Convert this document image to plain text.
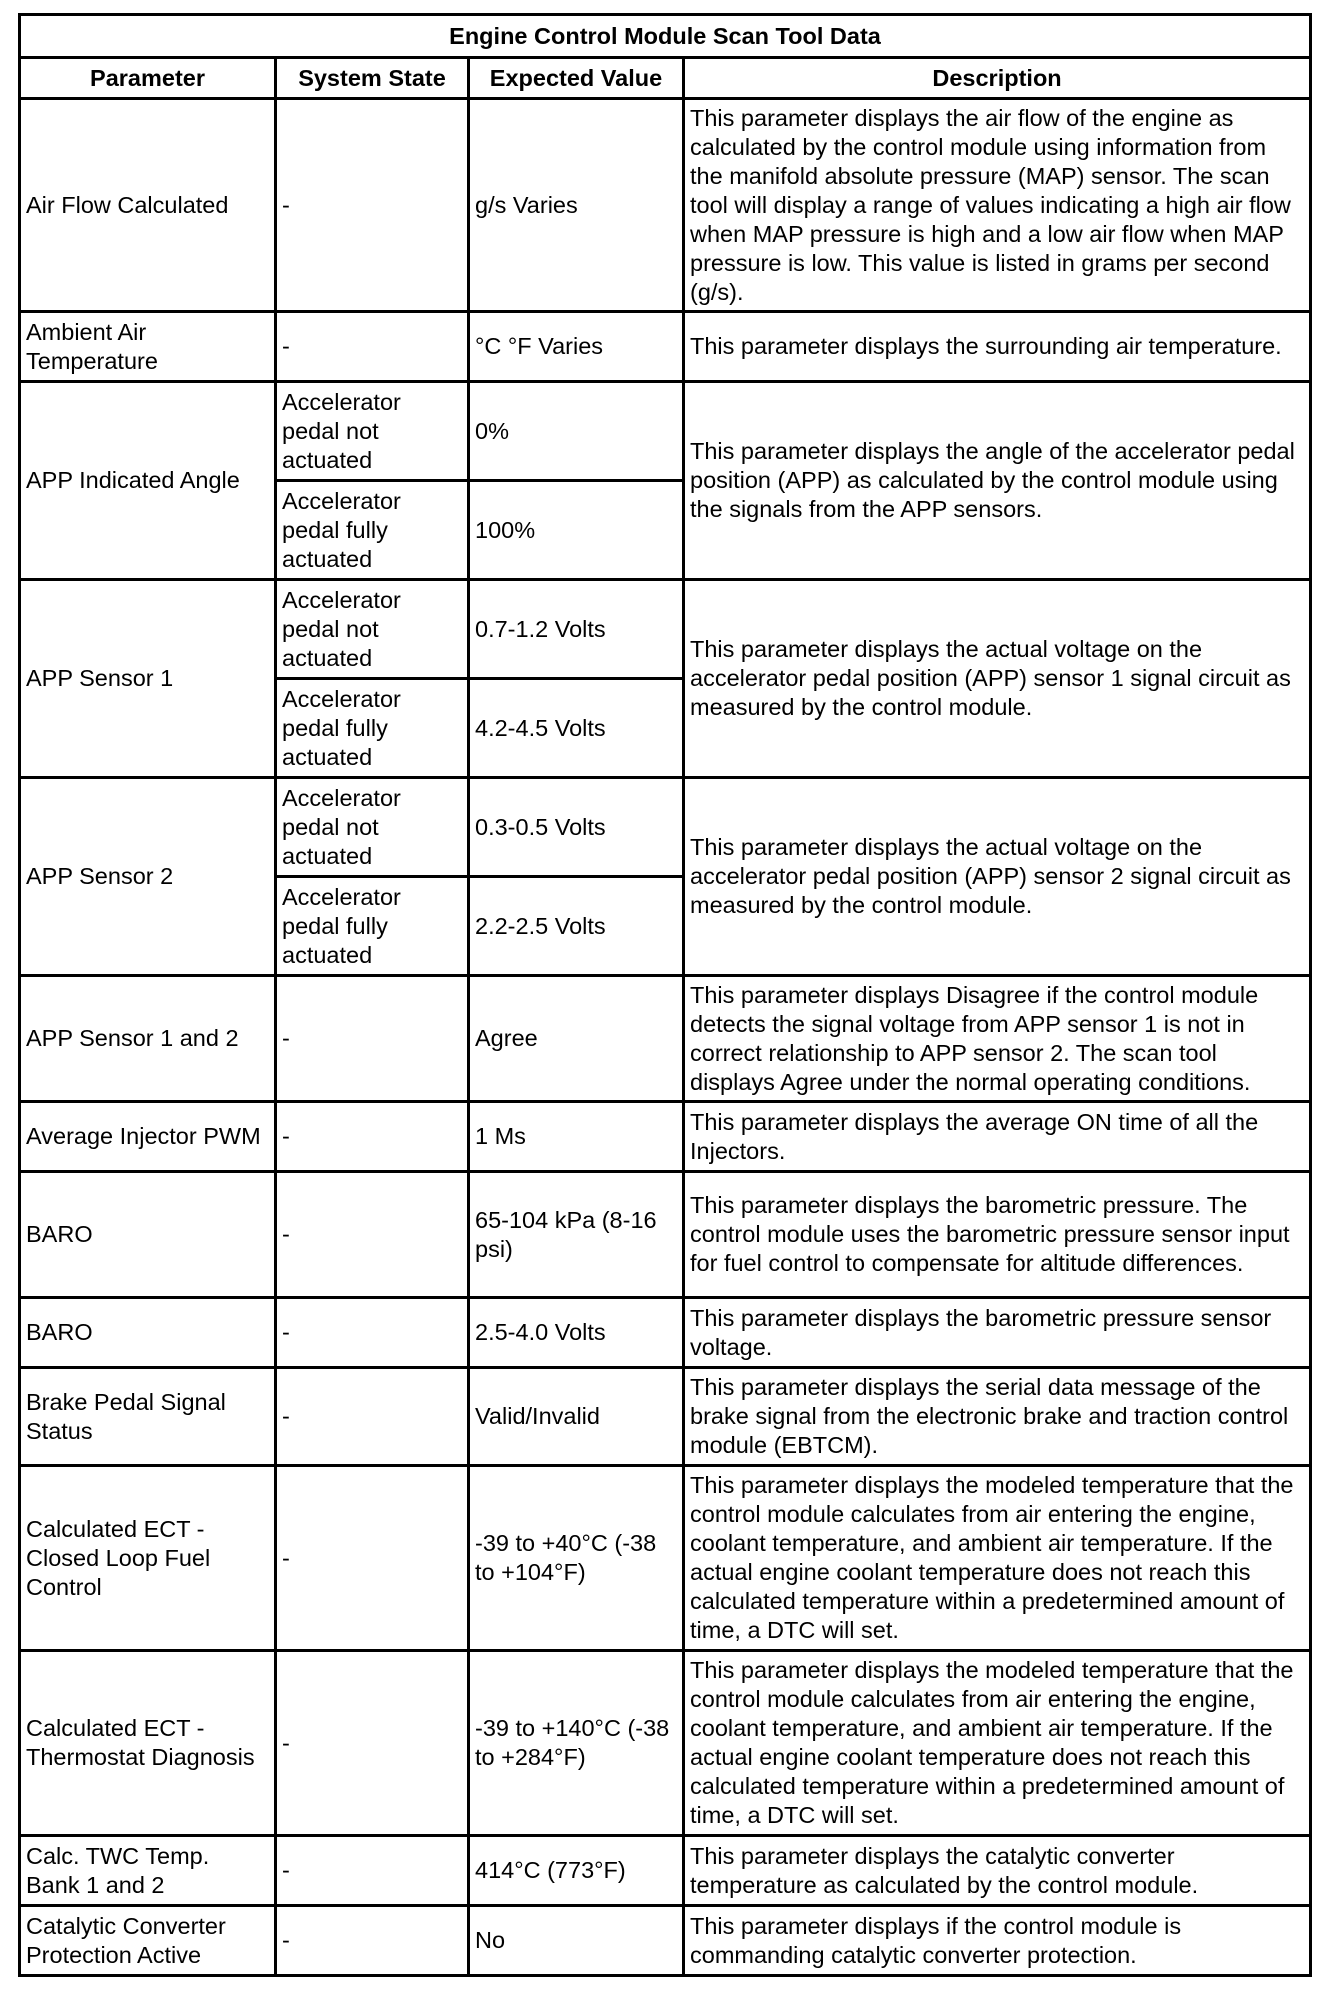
Engine Control Module Scan Tool Data			
Parameter	System State	Expected Value	Description
Air Flow Calculated	-	g/s Varies	This parameter displays the air flow of the engine as calculated by the control module using information from the manifold absolute pressure (MAP) sensor. The scan tool will display a range of values indicating a high air flow when MAP pressure is high and a low air flow when MAP pressure is low. This value is listed in grams per second (g/s).
Ambient Air Temperature	-	°C °F Varies	This parameter displays the surrounding air temperature.
APP Indicated Angle	Accelerator pedal not actuated	0%	This parameter displays the angle of the accelerator pedal position (APP) as calculated by the control module using the signals from the APP sensors.
	Accelerator pedal fully actuated	100%	
APP Sensor 1	Accelerator pedal not actuated	0.7-1.2 Volts	This parameter displays the actual voltage on the accelerator pedal position (APP) sensor 1 signal circuit as measured by the control module.
	Accelerator pedal fully actuated	4.2-4.5 Volts	
APP Sensor 2	Accelerator pedal not actuated	0.3-0.5 Volts	This parameter displays the actual voltage on the accelerator pedal position (APP) sensor 2 signal circuit as measured by the control module.
	Accelerator pedal fully actuated	2.2-2.5 Volts	
APP Sensor 1 and 2	-	Agree	This parameter displays Disagree if the control module detects the signal voltage from APP sensor 1 is not in correct relationship to APP sensor 2. The scan tool displays Agree under the normal operating conditions.
Average Injector PWM	-	1 Ms	This parameter displays the average ON time of all the Injectors.
BARO	-	65-104 kPa (8-16 psi)	This parameter displays the barometric pressure. The control module uses the barometric pressure sensor input for fuel control to compensate for altitude differences.
BARO	-	2.5-4.0 Volts	This parameter displays the barometric pressure sensor voltage.
Brake Pedal Signal Status	-	Valid/Invalid	This parameter displays the serial data message of the brake signal from the electronic brake and traction control module (EBTCM).
Calculated ECT - Closed Loop Fuel Control	-	-39 to +40°C (-38 to +104°F)	This parameter displays the modeled temperature that the control module calculates from air entering the engine, coolant temperature, and ambient air temperature. If the actual engine coolant temperature does not reach this calculated temperature within a predetermined amount of time, a DTC will set.
Calculated ECT - Thermostat Diagnosis	-	-39 to +140°C (-38 to +284°F)	This parameter displays the modeled temperature that the control module calculates from air entering the engine, coolant temperature, and ambient air temperature. If the actual engine coolant temperature does not reach this calculated temperature within a predetermined amount of time, a DTC will set.
Calc. TWC Temp. Bank 1 and 2	-	414°C (773°F)	This parameter displays the catalytic converter temperature as calculated by the control module.
Catalytic Converter Protection Active	-	No	This parameter displays if the control module is commanding catalytic converter protection.
